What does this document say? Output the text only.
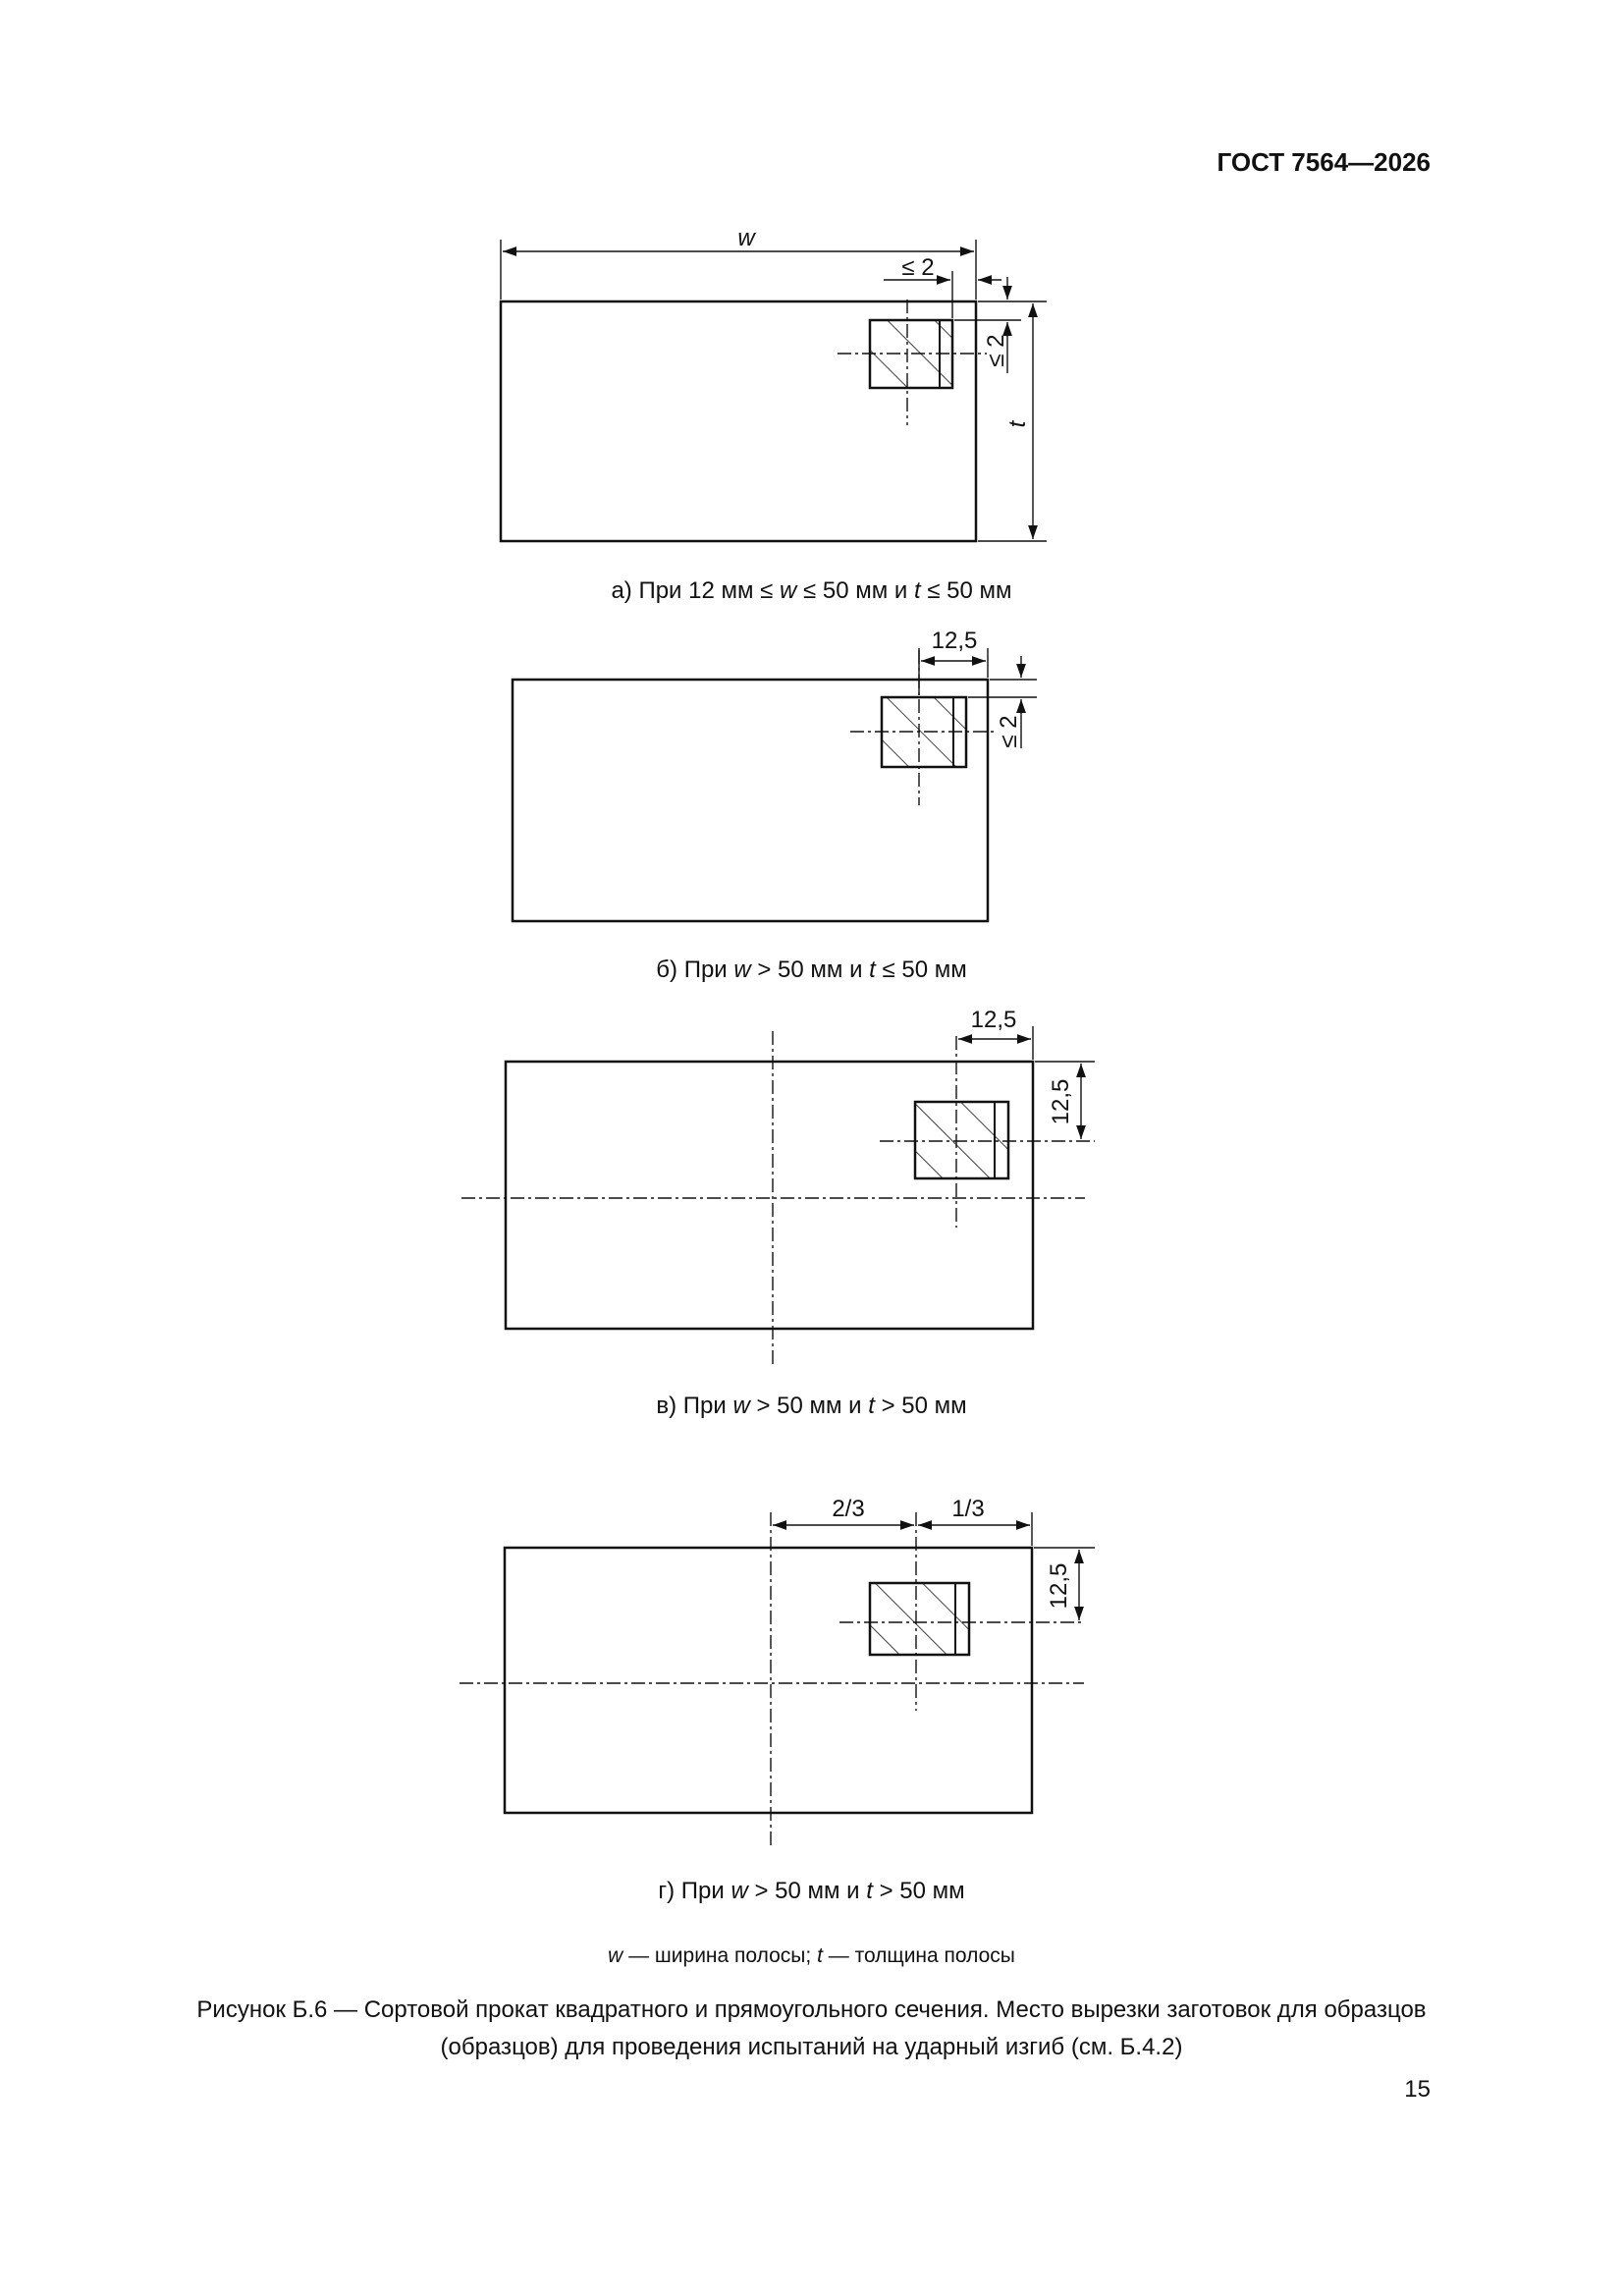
ГОСТ 7564—2026
w
≤ 2
≤ 2
t
12,5
≤ 2
12,5
12,5
2/3	1/3
12,5
а) При 12 мм ≤ w ≤ 50 мм и t ≤ 50 мм
б) При w > 50 мм и t ≤ 50 мм
в) При w > 50 мм и t > 50 мм
г) При w > 50 мм и t > 50 мм
w — ширина полосы; t — толщина полосы
Рисунок Б.6 — Сортовой прокат квадратного и прямоугольного сечения. Место вырезки заготовок для образцов
(образцов) для проведения испытаний на ударный изгиб (см. Б.4.2)
15
